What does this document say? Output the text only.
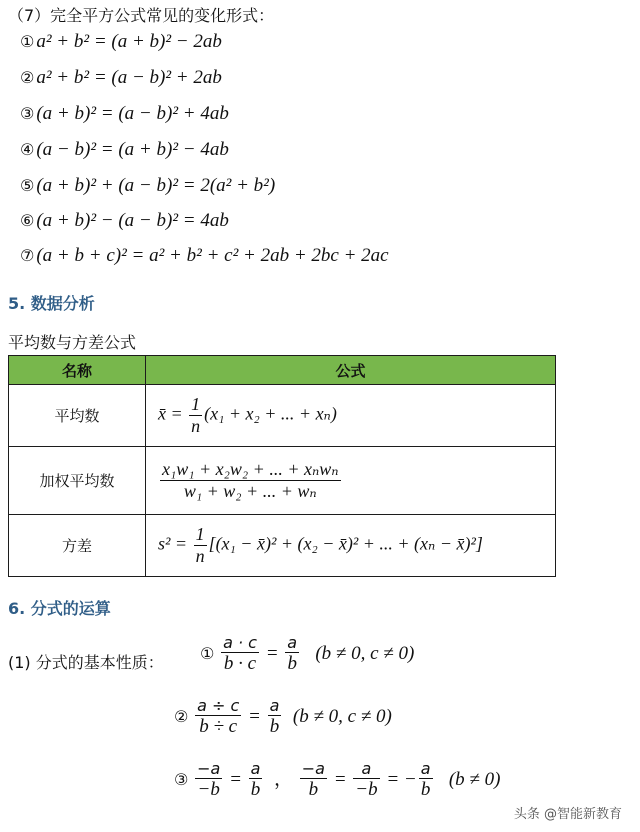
（7）完全平方公式常见的变化形式：
① a² + b² = (a + b)² − 2ab
② a² + b² = (a − b)² + 2ab
③ (a + b)² = (a − b)² + 4ab
④ (a − b)² = (a + b)² − 4ab
⑤ (a + b)² + (a − b)² = 2(a² + b²)
⑥ (a + b)² − (a − b)² = 4ab
⑦ (a + b + c)² = a² + b² + c² + 2ab + 2bc + 2ac
5. 数据分析
平均数与方差公式
名称	公式
平均数	x̄ = $\frac{1}{n} (x_1 + x_2$ + ... + xₙ)
加权平均数	$\frac{\text{x₁w₁ + x₂w₂ + ... + xₙwₙ}}{\text{w₁ + w₂ + ... + wₙ}}$

方差	$s^2 = \frac{1}{n} [(x_1$ − x̄)² + (x₂ − x̄)² + ... + (xₙ − x̄)²]
6. 分式的运算
(1) 分式的基本性质： ① $\frac{a \cdot c}{b \cdot c} = \frac{a}{b} (b \ne 0$, c ≠ 0)
② $\frac{a \div c}{b \div c} = \frac{a}{b} (b \ne 0$, c ≠ 0)
③ $\frac{-a}{-b} = \frac{a}{b}$ ， $\frac{-a}{b} = \frac{a}{-b}$ = − $\frac{a}{b} (b \ne 0)$
头条 @智能新教育
